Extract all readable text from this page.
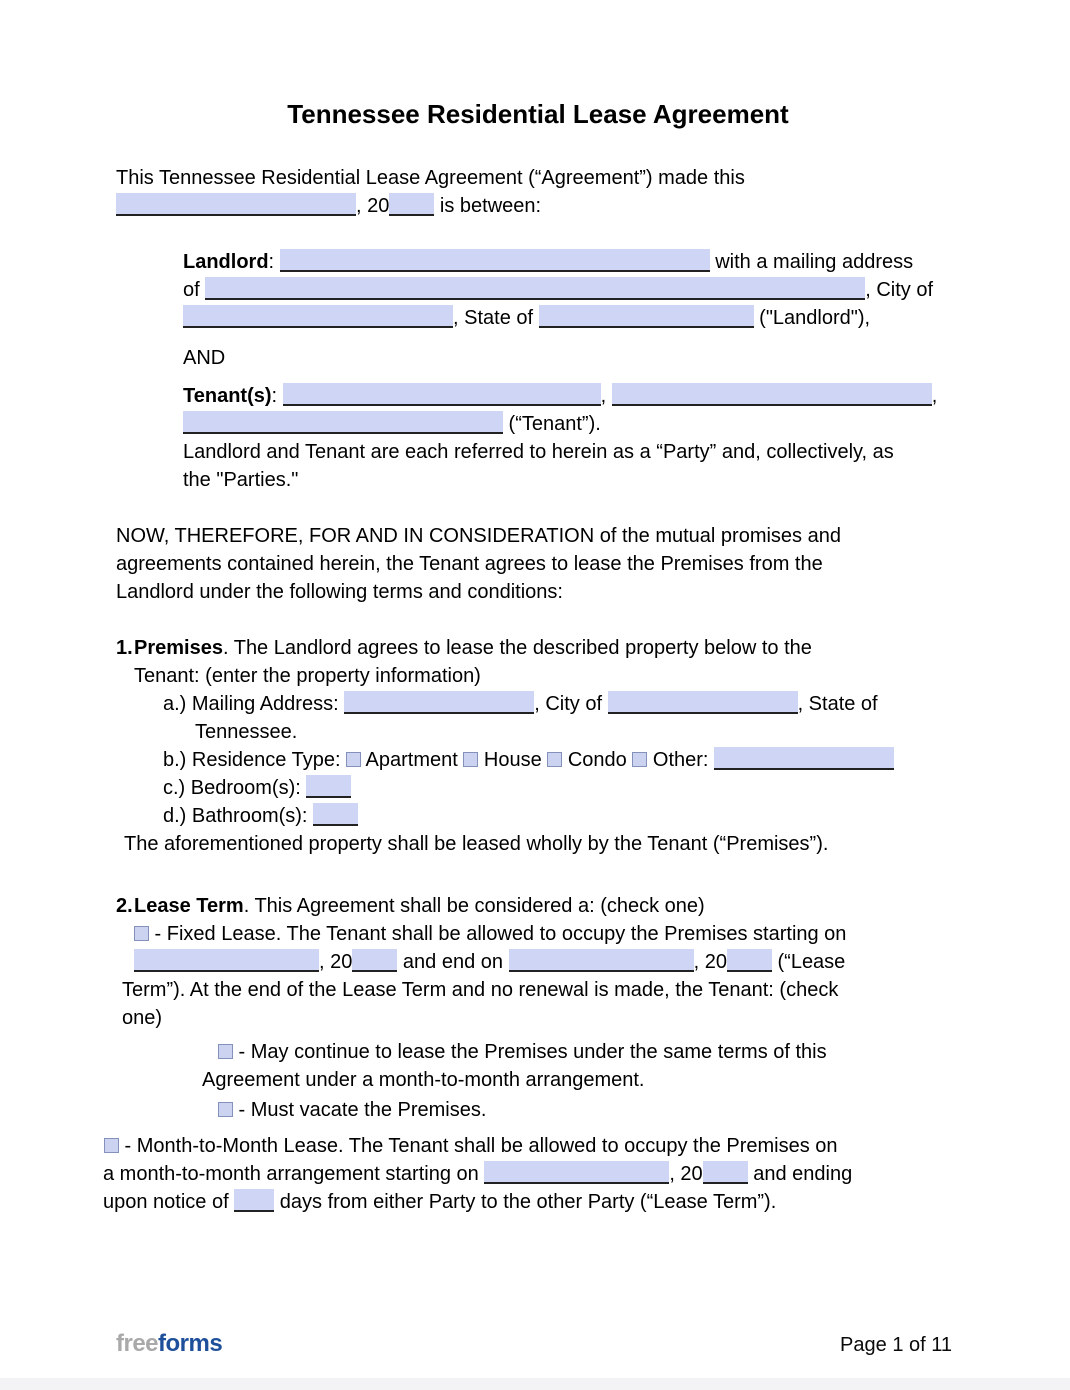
Tennessee Residential Lease Agreement
This Tennessee Residential Lease Agreement (“Agreement”) made this
, 20 is between:
Landlord:	with a mailing address
of	, City of
, State of	("Landlord"),
AND
Tenant(s):	,	,
(“Tenant”).
Landlord and Tenant are each referred to herein as a “Party” and, collectively, as
the "Parties."
NOW, THEREFORE, FOR AND IN CONSIDERATION of the mutual promises and
agreements contained herein, the Tenant agrees to lease the Premises from the
Landlord under the following terms and conditions:
1. Premises. The Landlord agrees to lease the described property below to the
Tenant: (enter the property information)
a.) Mailing Address:	, City of	, State of
Tennessee.
b.) Residence Type:  Apartment  House  Condo  Other:
c.) Bedroom(s):
d.) Bathroom(s):
The aforementioned property shall be leased wholly by the Tenant (“Premises”).
2. Lease Term. This Agreement shall be considered a: (check one)
- Fixed Lease. The Tenant shall be allowed to occupy the Premises starting on
, 20 and end on	, 20 (“Lease
Term”). At the end of the Lease Term and no renewal is made, the Tenant: (check
one)
- May continue to lease the Premises under the same terms of this
Agreement under a month-to-month arrangement.
- Must vacate the Premises.
- Month-to-Month Lease. The Tenant shall be allowed to occupy the Premises on
a month-to-month arrangement starting on	, 20 and ending
upon notice of  days from either Party to the other Party (“Lease Term”).
freeforms	Page 1 of 11
